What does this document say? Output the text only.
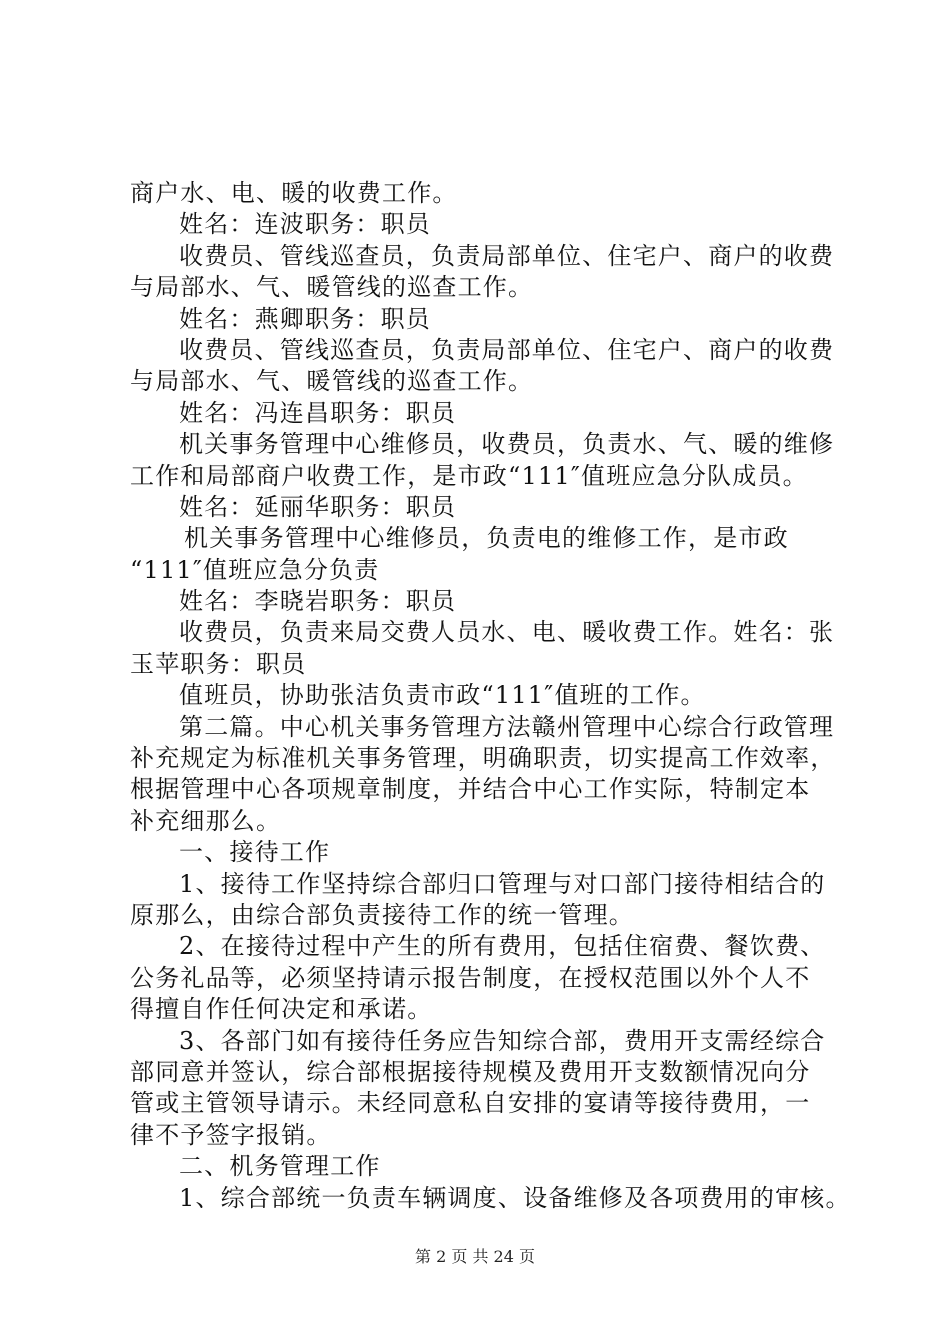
商户水、电、暖的收费工作。
姓名：连波职务：职员
收费员、管线巡查员，负责局部单位、住宅户、商户的收费
与局部水、气、暖管线的巡查工作。
姓名：燕卿职务：职员
收费员、管线巡查员，负责局部单位、住宅户、商户的收费
与局部水、气、暖管线的巡查工作。
姓名：冯连昌职务：职员
机关事务管理中心维修员，收费员，负责水、气、暖的维修
工作和局部商户收费工作，是市政“111″值班应急分队成员。
姓名：延丽华职务：职员
机关事务管理中心维修员，负责电的维修工作，是市政
“111″值班应急分负责
姓名：李晓岩职务：职员
收费员，负责来局交费人员水、电、暖收费工作。姓名：张
玉苹职务：职员
值班员，协助张洁负责市政“111″值班的工作。
第二篇。中心机关事务管理方法赣州管理中心综合行政管理
补充规定为标准机关事务管理，明确职责，切实提高工作效率，
根据管理中心各项规章制度，并结合中心工作实际，特制定本
补充细那么。
一、接待工作
1、接待工作坚持综合部归口管理与对口部门接待相结合的
原那么，由综合部负责接待工作的统一管理。
2、在接待过程中产生的所有费用，包括住宿费、餐饮费、
公务礼品等，必须坚持请示报告制度，在授权范围以外个人不
得擅自作任何决定和承诺。
3、各部门如有接待任务应告知综合部，费用开支需经综合
部同意并签认，综合部根据接待规模及费用开支数额情况向分
管或主管领导请示。未经同意私自安排的宴请等接待费用，一
律不予签字报销。
二、机务管理工作
1、综合部统一负责车辆调度、设备维修及各项费用的审核。
第 2 页 共 24 页
